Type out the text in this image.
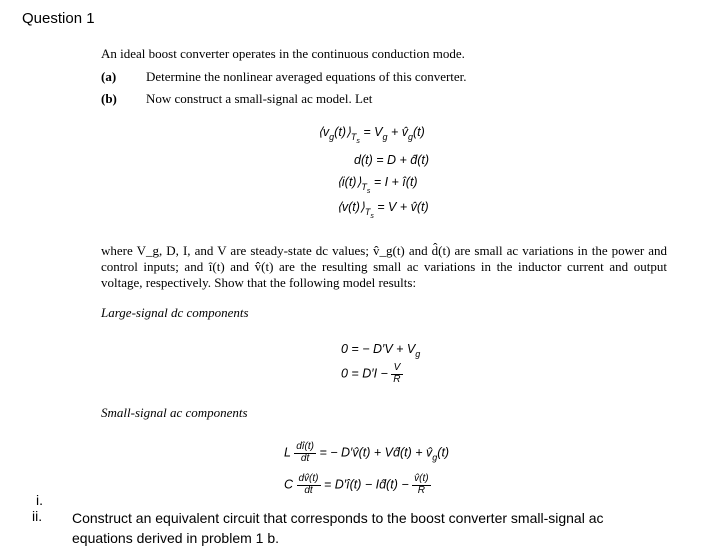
Question 1
An ideal boost converter operates in the continuous conduction mode.
(a) Determine the nonlinear averaged equations of this converter.
(b) Now construct a small-signal ac model. Let
$⟨v_g(t)⟩_{T_s} = V_g$ + $v̂_g(t)$
d(t) = D + d̂(t)
$⟨i(t)⟩_{T_s} = I$ + î(t)
$⟨v(t)⟩_{T_s} = V$ + v̂(t)
where V_g, D, I, and V are steady-state dc values; v̂_g(t) and d̂(t) are small ac variations in the power and control inputs; and î(t) and v̂(t) are the resulting small ac variations in the inductor current and output voltage, respectively. Show that the following model results:
Large-signal dc components
0 = − $D'V + V_g$
$0 = D'I - \frac{V}{R}$
Small-signal ac components
L $\frac{dî(t)}{dt}$ = − D′v̂(t) + Vd̂(t) + $v̂_g(t)$
C $\frac{dv̂(t)}{dt}$ = D′î(t) − Id̂(t) − $\frac{v̂(t)}{R}$
i.
ii. Construct an equivalent circuit that corresponds to the boost converter small-signal ac equations derived in problem 1 b.
